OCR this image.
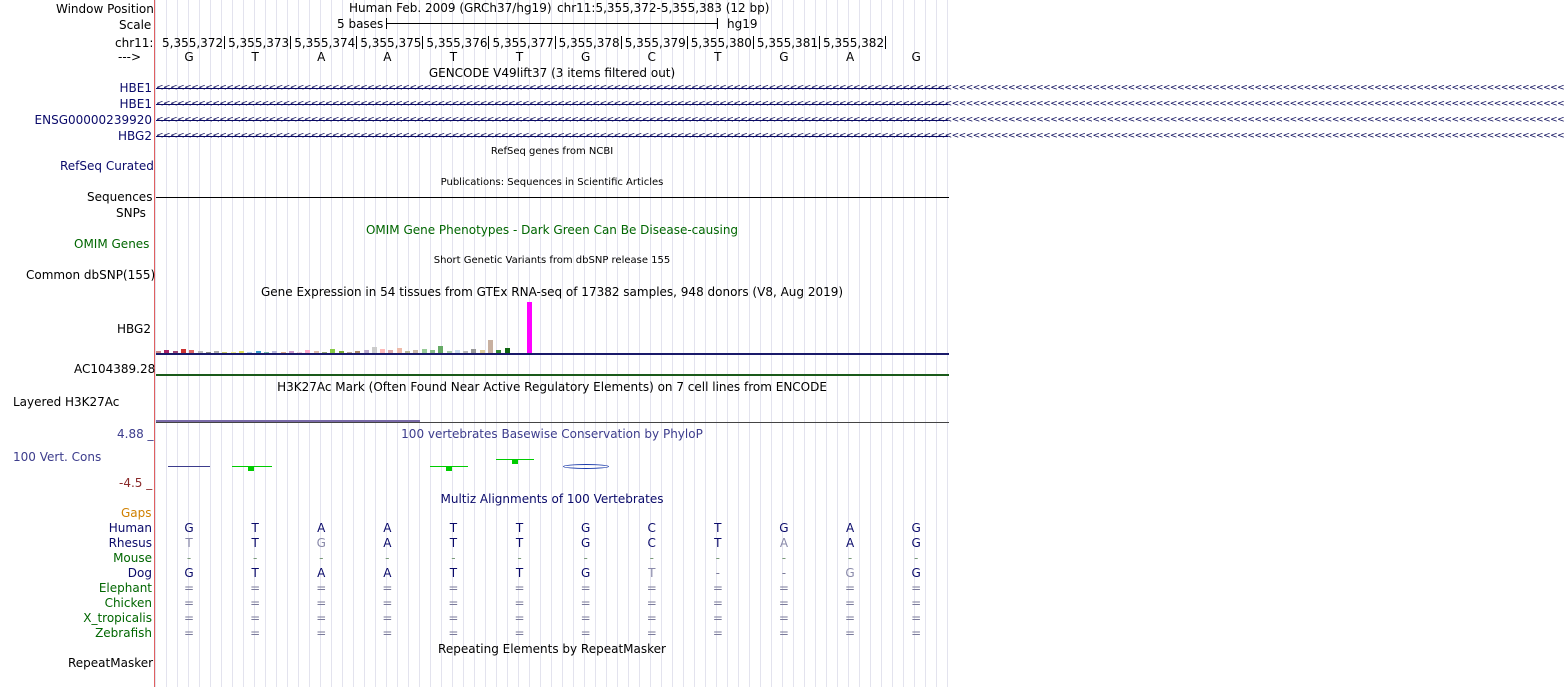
Window Position
Scale
chr11:
--->
Human Feb. 2009 (GRCh37/hg19) chr11:5,355,372-5,355,383 (12 bp)
5 bases	hg19
5,355,372 5,355,373 5,355,374 5,355,375 5,355,376 5,355,377 5,355,378 5,355,379 5,355,380 5,355,381 5,355,382
G	T	A	A	T	T	G	C	T	G	A	G
GENCODE V49lift37 (3 items filtered out)
HBE1 <<<<<<<<<<<<<<<<<<<<<<<<<<<<<<<<<<<<<<<<<<<<<<<<<<<<<<<<<<<<<<<<<<<<<<<<<<<<<<<<<<<<<<<<<<<<<<<<<<<<<<<<<<<<<<<<<<<<<<<<<<<<<<<<<<<<<<<<<<<<<<<<<<<<<<<<<<<<<<<<<<<<<<<<<<<<<<<<<<<<<<<<<<<<<<<<<<<<<<<<
HBE1 <<<<<<<<<<<<<<<<<<<<<<<<<<<<<<<<<<<<<<<<<<<<<<<<<<<<<<<<<<<<<<<<<<<<<<<<<<<<<<<<<<<<<<<<<<<<<<<<<<<<<<<<<<<<<<<<<<<<<<<<<<<<<<<<<<<<<<<<<<<<<<<<<<<<<<<<<<<<<<<<<<<<<<<<<<<<<<<<<<<<<<<<<<<<<<<<<<<<<<<<
ENSG00000239920 <<<<<<<<<<<<<<<<<<<<<<<<<<<<<<<<<<<<<<<<<<<<<<<<<<<<<<<<<<<<<<<<<<<<<<<<<<<<<<<<<<<<<<<<<<<<<<<<<<<<<<<<<<<<<<<<<<<<<<<<<<<<<<<<<<<<<<<<<<<<<<<<<<<<<<<<<<<<<<<<<<<<<<<<<<<<<<<<<<<<<<<<<<<<<<<<<<<<<<<<
HBG2 <<<<<<<<<<<<<<<<<<<<<<<<<<<<<<<<<<<<<<<<<<<<<<<<<<<<<<<<<<<<<<<<<<<<<<<<<<<<<<<<<<<<<<<<<<<<<<<<<<<<<<<<<<<<<<<<<<<<<<<<<<<<<<<<<<<<<<<<<<<<<<<<<<<<<<<<<<<<<<<<<<<<<<<<<<<<<<<<<<<<<<<<<<<<<<<<<<<<<<<<
RefSeq Curated
RefSeq genes from NCBI
Publications: Sequences in Scientific Articles
Sequences
SNPs
OMIM Gene Phenotypes - Dark Green Can Be Disease-causing
OMIM Genes
Short Genetic Variants from dbSNP release 155
Common dbSNP(155)
Gene Expression in 54 tissues from GTEx RNA-seq of 17382 samples, 948 donors (V8, Aug 2019)
HBG2
AC104389.28
H3K27Ac Mark (Often Found Near Active Regulatory Elements) on 7 cell lines from ENCODE
Layered H3K27Ac
100 vertebrates Basewise Conservation by PhyloP
4.88 _
100 Vert. Cons
-4.5 _
Multiz Alignments of 100 Vertebrates
Gaps
Human	G	T	A	A	T	T	G	C	T	G	A	G
Rhesus	T	T	G	A	T	T	G	C	T	A	A	G
Mouse	-	-	-	-	-	-	-	-	-	-	-	-
Dog	G	T	A	A	T	T	G	T	-	-	G	G
Elephant	=	=	=	=	=	=	=	=	=	=	=	=
Chicken	=	=	=	=	=	=	=	=	=	=	=	=
X_tropicalis	=	=	=	=	=	=	=	=	=	=	=	=
Zebrafish	=	=	=	=	=	=	=	=	=	=	=	=
Repeating Elements by RepeatMasker
RepeatMasker
